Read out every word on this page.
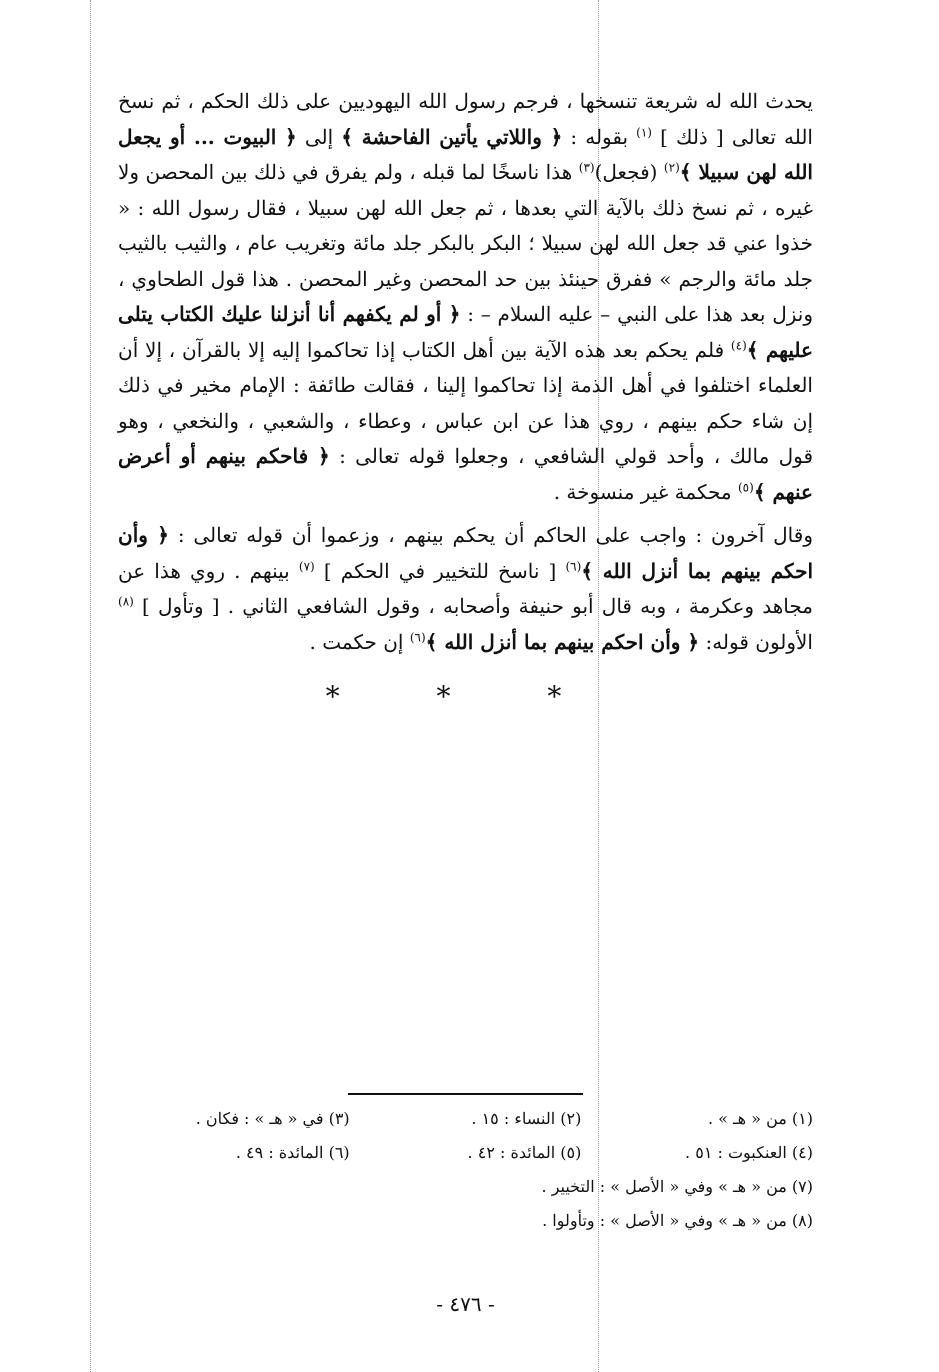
يحدث الله له شريعة تنسخها ، فرجم رسول الله اليهوديين على ذلك الحكم ، ثم نسخ الله تعالى [ ذلك ] $^{(١)}$ بقوله : ﴿ واللاتي يأتين الفاحشة ﴾ إلى ﴿ البيوت ... أو يجعل الله لهن سبيلا ﴾$^{(٢)}$ (فجعل)$^{(٣)}$ هذا ناسخًا لما قبله ، ولم يفرق في ذلك بين المحصن ولا غيره ، ثم نسخ ذلك بالآية التي بعدها ، ثم جعل الله لهن سبيلا ، فقال رسول الله : « خذوا عني قد جعل الله لهن سبيلا ؛ البكر بالبكر جلد مائة وتغريب عام ، والثيب بالثيب جلد مائة والرجم » ففرق حينئذ بين حد المحصن وغير المحصن . هذا قول الطحاوي ، ونزل بعد هذا على النبي – عليه السلام – : ﴿ أو لم يكفهم أنا أنزلنا عليك الكتاب يتلى عليهم ﴾$^{(٤)}$ فلم يحكم بعد هذه الآية بين أهل الكتاب إذا تحاكموا إليه إلا بالقرآن ، إلا أن العلماء اختلفوا في أهل الذمة إذا تحاكموا إلينا ، فقالت طائفة : الإمام مخير في ذلك إن شاء حكم بينهم ، روي هذا عن ابن عباس ، وعطاء ، والشعبي ، والنخعي ، وهو قول مالك ، وأحد قولي الشافعي ، وجعلوا قوله تعالى : ﴿ فاحكم بينهم أو أعرض عنهم ﴾$^{(٥)}$ محكمة غير منسوخة .

وقال آخرون : واجب على الحاكم أن يحكم بينهم ، وزعموا أن قوله تعالى : ﴿ وأن احكم بينهم بما أنزل الله ﴾$^{(٦)}$ [ ناسخ للتخيير في الحكم ] $^{(٧)}$ بينهم . روي هذا عن مجاهد وعكرمة ، وبه قال أبو حنيفة وأصحابه ، وقول الشافعي الثاني . [ وتأول ] $^{(٨)}$ الأولون قوله: ﴿ وأن احكم بينهم بما أنزل الله ﴾$^{(٦)}$ إن حكمت .

* * *
(١) من « هـ » .
(٢) النساء : ١٥ .
(٣) في « هـ » : فكان .
(٤) العنكبوت : ٥١ .
(٥) المائدة : ٤٢ .
(٦) المائدة : ٤٩ .
(٧) من « هـ » وفي « الأصل » : التخيير .
(٨) من « هـ » وفي « الأصل » : وتأولوا .
- ٤٧٦ -
